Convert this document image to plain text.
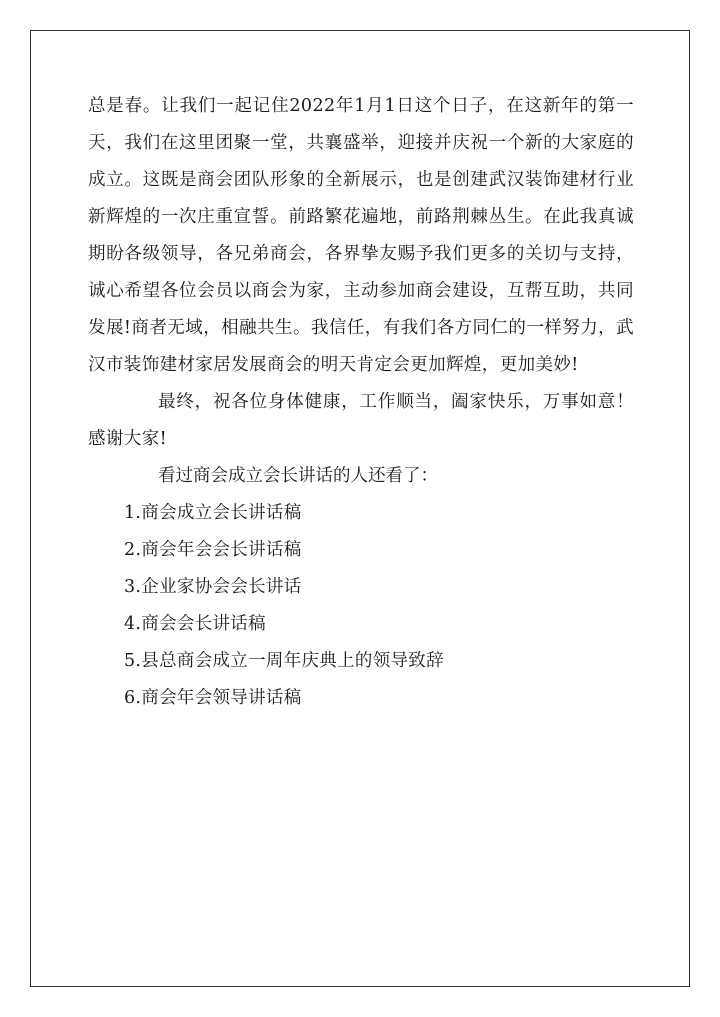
总是春。让我们一起记住2022年1月1日这个日子，在这新年的第一天，我们在这里团聚一堂，共襄盛举，迎接并庆祝一个新的大家庭的成立。这既是商会团队形象的全新展示，也是创建武汉装饰建材行业新辉煌的一次庄重宣誓。前路繁花遍地，前路荆棘丛生。在此我真诚期盼各级领导，各兄弟商会，各界挚友赐予我们更多的关切与支持，诚心希望各位会员以商会为家，主动参加商会建设，互帮互助，共同发展!商者无域，相融共生。我信任，有我们各方同仁的一样努力，武汉市装饰建材家居发展商会的明天肯定会更加辉煌，更加美妙!

最终，祝各位身体健康，工作顺当，阖家快乐，万事如意！感谢大家!

看过商会成立会长讲话的人还看了：

1.商会成立会长讲话稿
2.商会年会会长讲话稿
3.企业家协会会长讲话
4.商会会长讲话稿
5.县总商会成立一周年庆典上的领导致辞
6.商会年会领导讲话稿
